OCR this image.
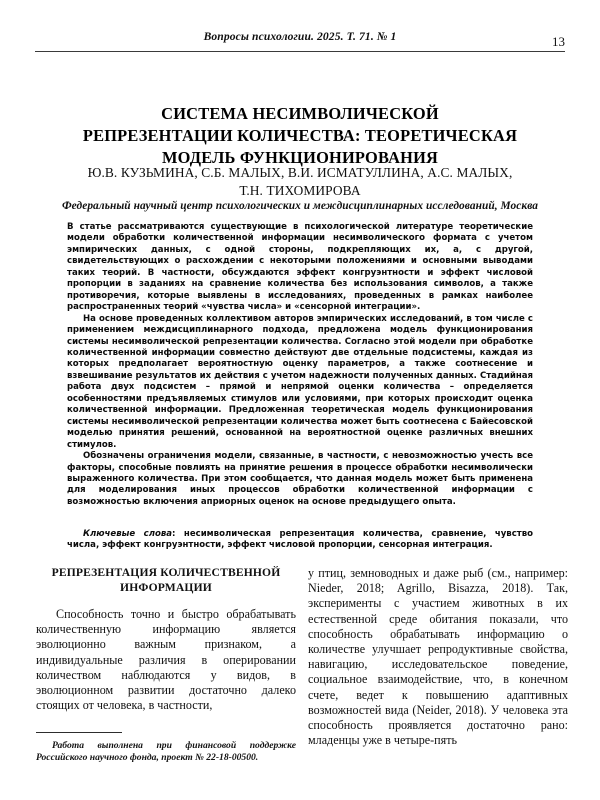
Вопросы психологии. 2025. Т. 71. № 1	13
СИСТЕМА НЕСИМВОЛИЧЕСКОЙ
РЕПРЕЗЕНТАЦИИ КОЛИЧЕСТВА: ТЕОРЕТИЧЕСКАЯ
МОДЕЛЬ ФУНКЦИОНИРОВАНИЯ
Ю.В. КУЗЬМИНА, С.Б. МАЛЫХ, В.И. ИСМАТУЛЛИНА, А.С. МАЛЫХ,
Т.Н. ТИХОМИРОВА
Федеральный научный центр психологических и междисциплинарных исследований, Москва

В статье рассматриваются существующие в психологической литературе теоретические модели обработки количественной информации несимволического формата с учетом эмпирических данных, с одной стороны, подкрепляющих их, а, с другой, свидетельствующих о расхождении с некоторыми положениями и основными выводами таких теорий. В частности, обсуждаются эффект конгруэнтности и эффект числовой пропорции в заданиях на сравнение количества без использования символов, а также противоречия, которые выявлены в исследованиях, проведенных в рамках наиболее распространенных теорий «чувства числа» и «сенсорной интеграции».

На основе проведенных коллективом авторов эмпирических исследований, в том числе с применением междисциплинарного подхода, предложена модель функционирования системы несимволической репрезентации количества. Согласно этой модели при обработке количественной информации совместно действуют две отдельные подсистемы, каждая из которых предполагает вероятностную оценку параметров, а также соотнесение и взвешивание результатов их действия с учетом надежности полученных данных. Стадийная работа двух подсистем – прямой и непрямой оценки количества – определяется особенностями предъявляемых стимулов или условиями, при которых происходит оценка количественной информации. Предложенная теоретическая модель функционирования системы несимволической репрезентации количества может быть соотнесена с Байесовской моделью принятия решений, основанной на вероятностной оценке различных внешних стимулов.

Обозначены ограничения модели, связанные, в частности, с невозможностью учесть все факторы, способные повлиять на принятие решения в процессе обработки несимволически выраженного количества. При этом сообщается, что данная модель может быть применена для моделирования иных процессов обработки количественной информации с возможностью включения априорных оценок на основе предыдущего опыта.

Ключевые слова: несимволическая репрезентация количества, сравнение, чувство числа, эффект конгруэнтности, эффект числовой пропорции, сенсорная интеграция.

РЕПРЕЗЕНТАЦИЯ КОЛИЧЕСТВЕННОЙ ИНФОРМАЦИИ

Способность точно и быстро обрабатывать количественную информацию является эволюционно важным признаком, а индивидуальные различия в оперировании количеством наблюдаются у видов, в эволюционном развитии достаточно далеко стоящих от человека, в частности,

у птиц, земноводных и даже рыб (см., например: Nieder, 2018; Agrillo, Bisazza, 2018). Так, эксперименты с участием животных в их естественной среде обитания показали, что способность обрабатывать информацию о количестве улучшает репродуктивные свойства, навигацию, исследовательское поведение, социальное взаимодействие, что, в конечном счете, ведет к повышению адаптивных возможностей вида (Neider, 2018). У человека эта способность проявляется достаточно рано: младенцы уже в четыре-пять

Работа выполнена при финансовой поддержке Российского научного фонда, проект № 22-18-00500.
